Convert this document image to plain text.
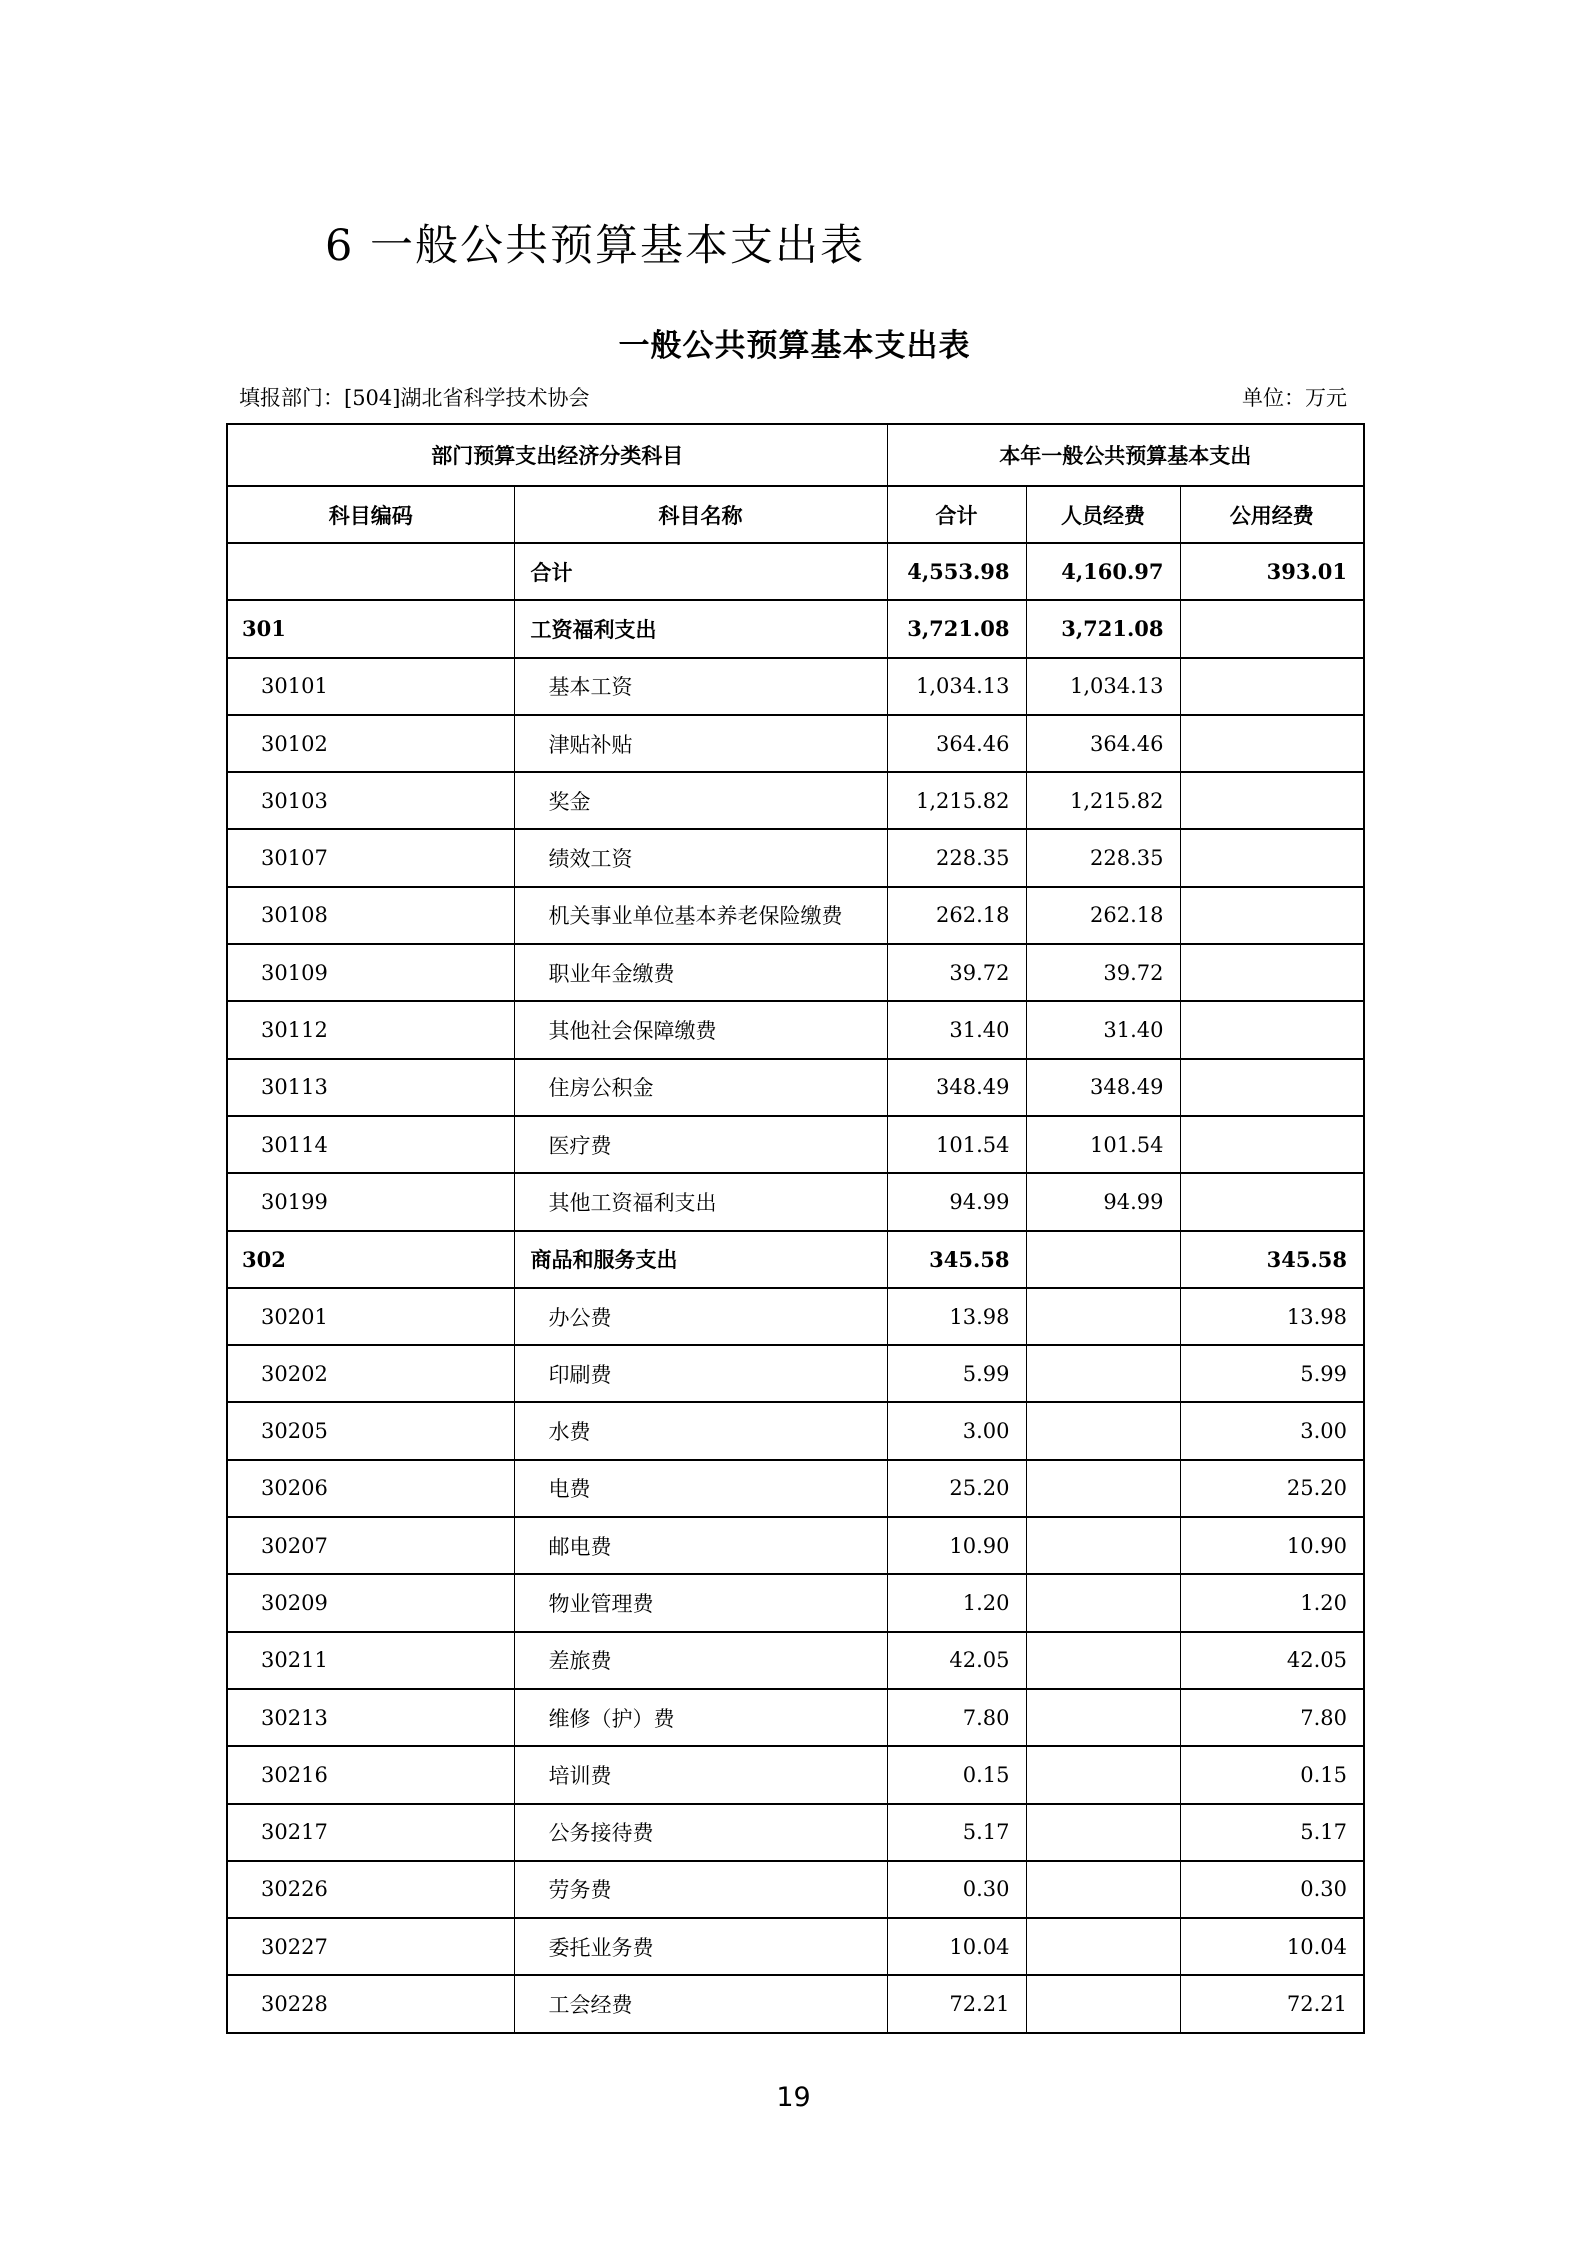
6 一般公共预算基本支出表
一般公共预算基本支出表
填报部门：[504]湖北省科学技术协会	单位：万元
部门预算支出经济分类科目		本年一般公共预算基本支出		
科目编码	科目名称	合计	人员经费	公用经费
	合计	4,553.98	4,160.97	393.01
301	工资福利支出	3,721.08	3,721.08	
30101	基本工资	1,034.13	1,034.13	
30102	津贴补贴	364.46	364.46	
30103	奖金	1,215.82	1,215.82	
30107	绩效工资	228.35	228.35	
30108	机关事业单位基本养老保险缴费	262.18	262.18	
30109	职业年金缴费	39.72	39.72	
30112	其他社会保障缴费	31.40	31.40	
30113	住房公积金	348.49	348.49	
30114	医疗费	101.54	101.54	
30199	其他工资福利支出	94.99	94.99	
302	商品和服务支出	345.58		345.58
30201	办公费	13.98		13.98
30202	印刷费	5.99		5.99
30205	水费	3.00		3.00
30206	电费	25.20		25.20
30207	邮电费	10.90		10.90
30209	物业管理费	1.20		1.20
30211	差旅费	42.05		42.05
30213	维修（护）费	7.80		7.80
30216	培训费	0.15		0.15
30217	公务接待费	5.17		5.17
30226	劳务费	0.30		0.30
30227	委托业务费	10.04		10.04
30228	工会经费	72.21		72.21
19
